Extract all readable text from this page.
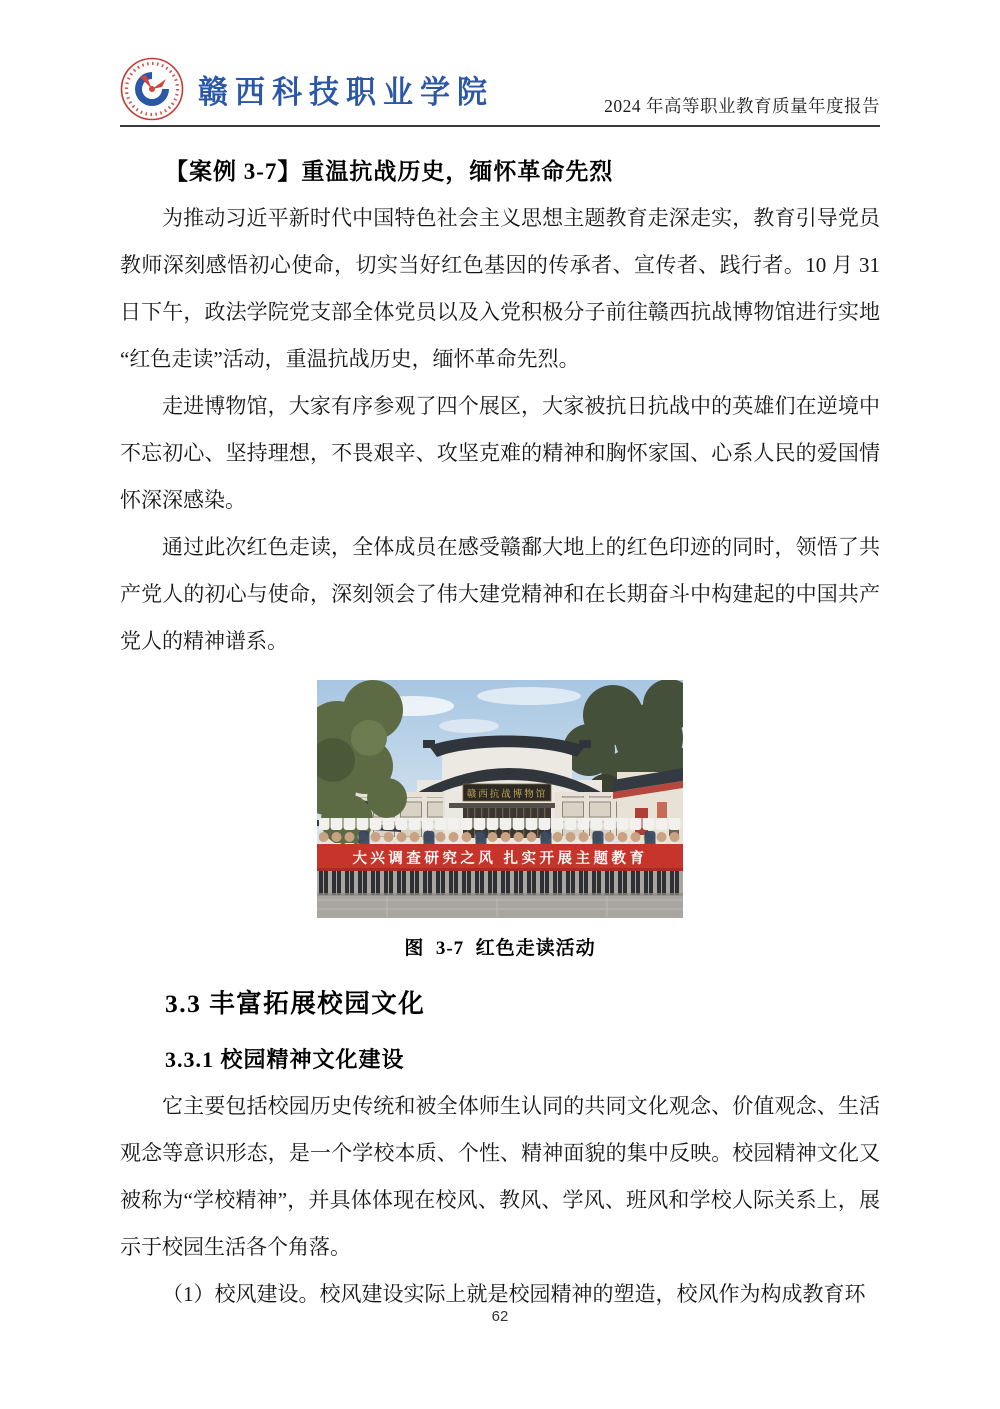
赣西科技职业学院	2024 年高等职业教育质量年度报告
【案例 3-7】重温抗战历史，缅怀革命先烈

为推动习近平新时代中国特色社会主义思想主题教育走深走实，教育引导党员教师深刻感悟初心使命，切实当好红色基因的传承者、宣传者、践行者。10 月 31 日下午，政法学院党支部全体党员以及入党积极分子前往赣西抗战博物馆进行实地“红色走读”活动，重温抗战历史，缅怀革命先烈。

走进博物馆，大家有序参观了四个展区，大家被抗日抗战中的英雄们在逆境中不忘初心、坚持理想，不畏艰辛、攻坚克难的精神和胸怀家国、心系人民的爱国情怀深深感染。

通过此次红色走读，全体成员在感受赣鄱大地上的红色印迹的同时，领悟了共产党人的初心与使命，深刻领会了伟大建党精神和在长期奋斗中构建起的中国共产党人的精神谱系。

赣西抗战博物馆
大兴调查研究之风 扎实开展主题教育
图  3-7  红色走读活动
3.3 丰富拓展校园文化
3.3.1 校园精神文化建设

它主要包括校园历史传统和被全体师生认同的共同文化观念、价值观念、生活观念等意识形态，是一个学校本质、个性、精神面貌的集中反映。校园精神文化又被称为“学校精神”，并具体体现在校风、教风、学风、班风和学校人际关系上，展示于校园生活各个角落。

（1）校风建设。校风建设实际上就是校园精神的塑造，校风作为构成教育环

62
